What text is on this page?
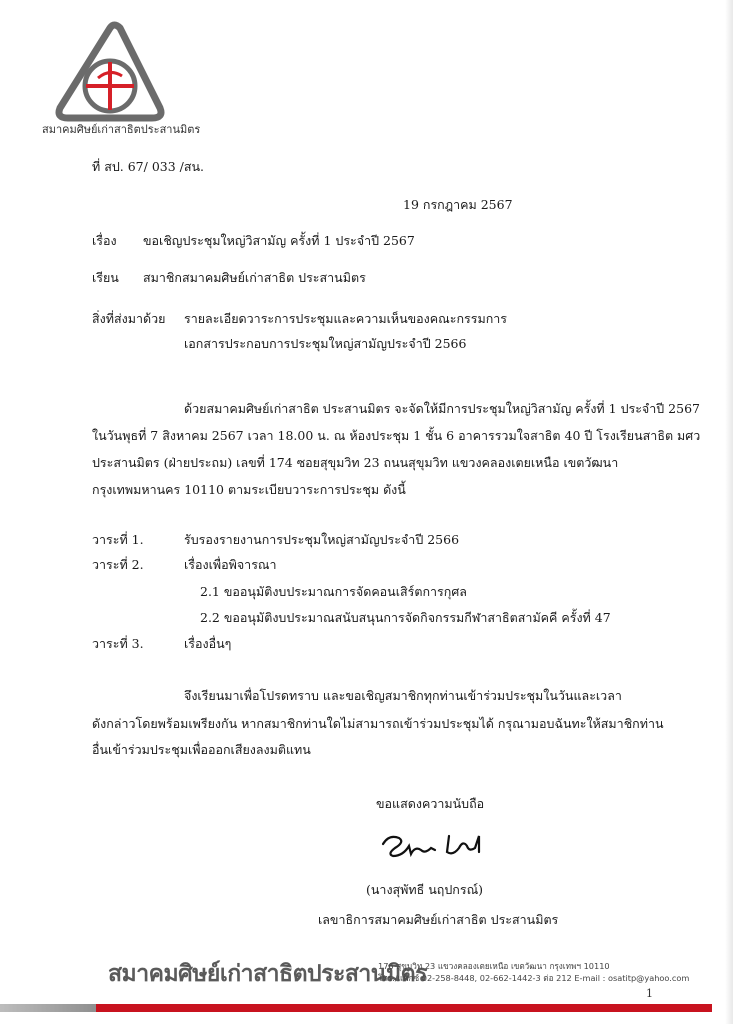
สมาคมศิษย์เก่าสาธิตประสานมิตร
ที่ สป. 67/ 033 /สน.
19 กรกฎาคม 2567
เรื่อง ขอเชิญประชุมใหญ่วิสามัญ ครั้งที่ 1 ประจำปี 2567
เรียน สมาชิกสมาคมศิษย์เก่าสาธิต ประสานมิตร
สิ่งที่ส่งมาด้วย รายละเอียดวาระการประชุมและความเห็นของคณะกรรมการ
เอกสารประกอบการประชุมใหญ่สามัญประจำปี 2566
ด้วยสมาคมศิษย์เก่าสาธิต ประสานมิตร จะจัดให้มีการประชุมใหญ่วิสามัญ ครั้งที่ 1 ประจำปี 2567
ในวันพุธที่ 7 สิงหาคม 2567 เวลา 18.00 น. ณ ห้องประชุม 1 ชั้น 6 อาคารรวมใจสาธิต 40 ปี โรงเรียนสาธิต มศว
ประสานมิตร (ฝ่ายประถม) เลขที่ 174 ซอยสุขุมวิท 23 ถนนสุขุมวิท แขวงคลองเตยเหนือ เขตวัฒนา
กรุงเทพมหานคร 10110 ตามระเบียบวาระการประชุม ดังนี้
วาระที่ 1.	รับรองรายงานการประชุมใหญ่สามัญประจำปี 2566
วาระที่ 2.	เรื่องเพื่อพิจารณา
2.1 ขออนุมัติงบประมาณการจัดคอนเสิร์ตการกุศล
2.2 ขออนุมัติงบประมาณสนับสนุนการจัดกิจกรรมกีฬาสาธิตสามัคคี ครั้งที่ 47
วาระที่ 3.	เรื่องอื่นๆ
จึงเรียนมาเพื่อโปรดทราบ และขอเชิญสมาชิกทุกท่านเข้าร่วมประชุมในวันและเวลา
ดังกล่าวโดยพร้อมเพรียงกัน หากสมาชิกท่านใดไม่สามารถเข้าร่วมประชุมได้ กรุณามอบฉันทะให้สมาชิกท่าน
อื่นเข้าร่วมประชุมเพื่อออกเสียงลงมติแทน
ขอแสดงความนับถือ
(นางสุพัทธี นฤปกรณ์)
เลขาธิการสมาคมศิษย์เก่าสาธิต ประสานมิตร
สมาคมศิษย์เก่าสาธิตประสานมิตร
176 สุขุมวิท 23 แขวงคลองเตยเหนือ เขตวัฒนา กรุงเทพฯ 10110
โทร./แฟ็กซ์ 02-258-8448, 02-662-1442-3 ต่อ 212 E-mail : osatitp@yahoo.com
1
